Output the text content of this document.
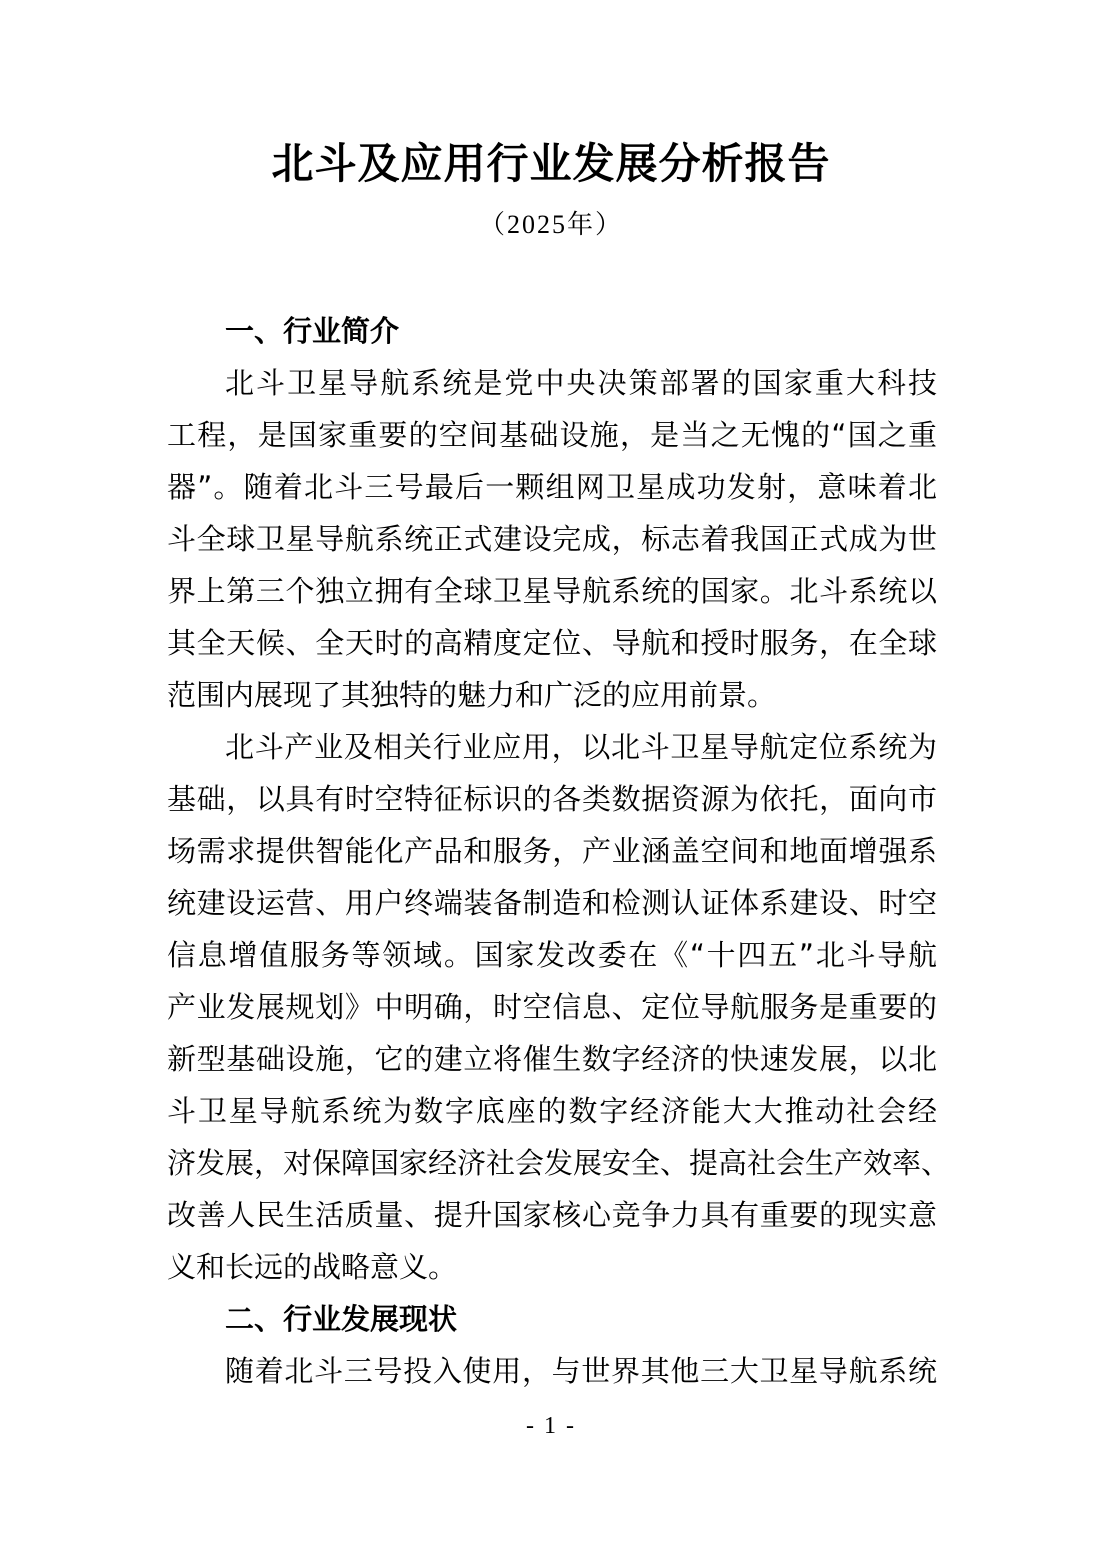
北斗及应用行业发展分析报告
（2025年）
一、行业简介
北斗卫星导航系统是党中央决策部署的国家重大科技
工程，是国家重要的空间基础设施，是当之无愧的“国之重
器”。随着北斗三号最后一颗组网卫星成功发射，意味着北
斗全球卫星导航系统正式建设完成，标志着我国正式成为世
界上第三个独立拥有全球卫星导航系统的国家。北斗系统以
其全天候、全天时的高精度定位、导航和授时服务，在全球
范围内展现了其独特的魅力和广泛的应用前景。
北斗产业及相关行业应用，以北斗卫星导航定位系统为
基础，以具有时空特征标识的各类数据资源为依托，面向市
场需求提供智能化产品和服务，产业涵盖空间和地面增强系
统建设运营、用户终端装备制造和检测认证体系建设、时空
信息增值服务等领域。国家发改委在《“十四五”北斗导航
产业发展规划》中明确，时空信息、定位导航服务是重要的
新型基础设施，它的建立将催生数字经济的快速发展，以北
斗卫星导航系统为数字底座的数字经济能大大推动社会经
济发展，对保障国家经济社会发展安全、提高社会生产效率、
改善人民生活质量、提升国家核心竞争力具有重要的现实意
义和长远的战略意义。
二、行业发展现状
随着北斗三号投入使用，与世界其他三大卫星导航系统
- 1 -
